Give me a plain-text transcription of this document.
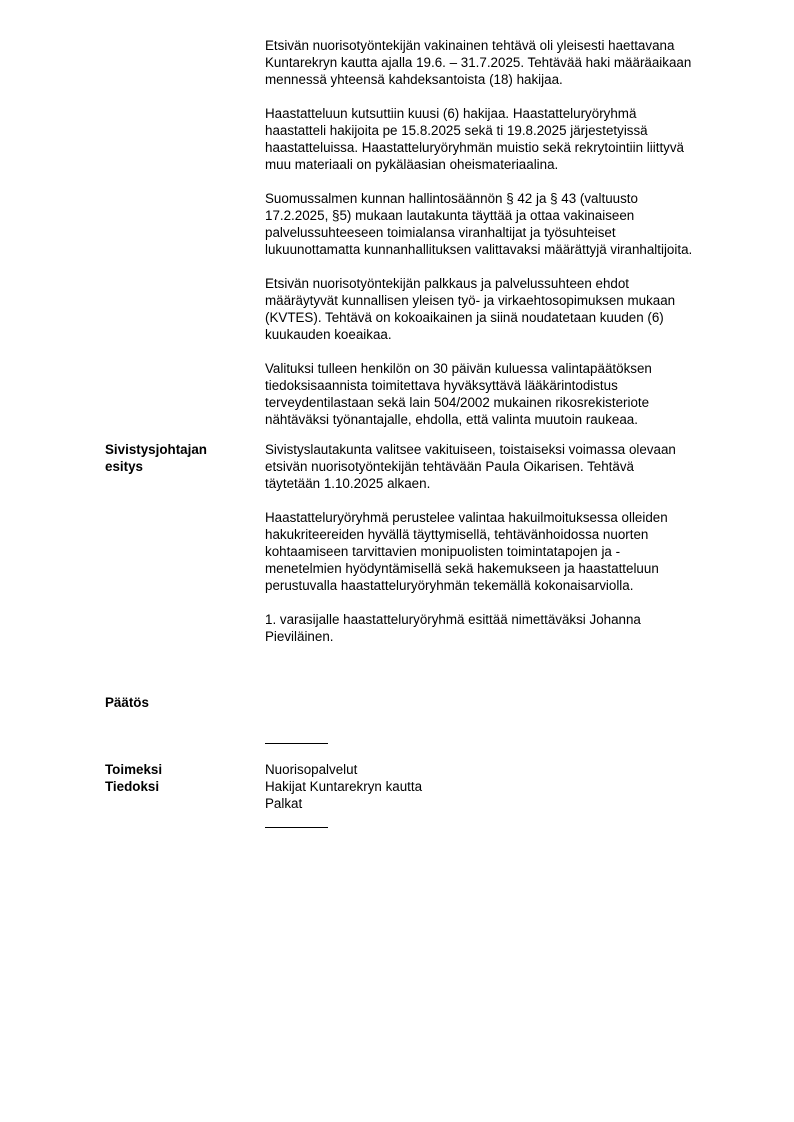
Etsivän nuorisotyöntekijän vakinainen tehtävä oli yleisesti haettavana
Kuntarekryn kautta ajalla 19.6. – 31.7.2025. Tehtävää haki määräaikaan
mennessä yhteensä kahdeksantoista (18) hakijaa.

Haastatteluun kutsuttiin kuusi (6) hakijaa. Haastatteluryöryhmä
haastatteli hakijoita pe 15.8.2025 sekä ti 19.8.2025 järjestetyissä
haastatteluissa. Haastatteluryöryhmän muistio sekä rekrytointiin liittyvä
muu materiaali on pykäläasian oheismateriaalina.

Suomussalmen kunnan hallintosäännön § 42 ja § 43 (valtuusto
17.2.2025, §5) mukaan lautakunta täyttää ja ottaa vakinaiseen
palvelussuhteeseen toimialansa viranhaltijat ja työsuhteiset
lukuunottamatta kunnanhallituksen valittavaksi määrättyjä viranhaltijoita.

Etsivän nuorisotyöntekijän palkkaus ja palvelussuhteen ehdot
määräytyvät kunnallisen yleisen työ- ja virkaehtosopimuksen mukaan
(KVTES). Tehtävä on kokoaikainen ja siinä noudatetaan kuuden (6)
kuukauden koeaikaa.

Valituksi tulleen henkilön on 30 päivän kuluessa valintapäätöksen
tiedoksisaannista toimitettava hyväksyttävä lääkärintodistus
terveydentilastaan sekä lain 504/2002 mukainen rikosrekisteriote
nähtäväksi työnantajalle, ehdolla, että valinta muutoin raukeaa.

Sivistysjohtajan
esitys

Sivistyslautakunta valitsee vakituiseen, toistaiseksi voimassa olevaan
etsivän nuorisotyöntekijän tehtävään Paula Oikarisen. Tehtävä
täytetään 1.10.2025 alkaen.

Haastatteluryöryhmä perustelee valintaa hakuilmoituksessa olleiden
hakukriteereiden hyvällä täyttymisellä, tehtävänhoidossa nuorten
kohtaamiseen tarvittavien monipuolisten toimintatapojen ja -
menetelmien hyödyntämisellä sekä hakemukseen ja haastatteluun
perustuvalla haastatteluryöryhmän tekemällä kokonaisarviolla.

1. varasijalle haastatteluryöryhmä esittää nimettäväksi Johanna
Pieviläinen.

Päätös
Toimeksi
Tiedoksi
Nuorisopalvelut
Hakijat Kuntarekryn kautta
Palkat
